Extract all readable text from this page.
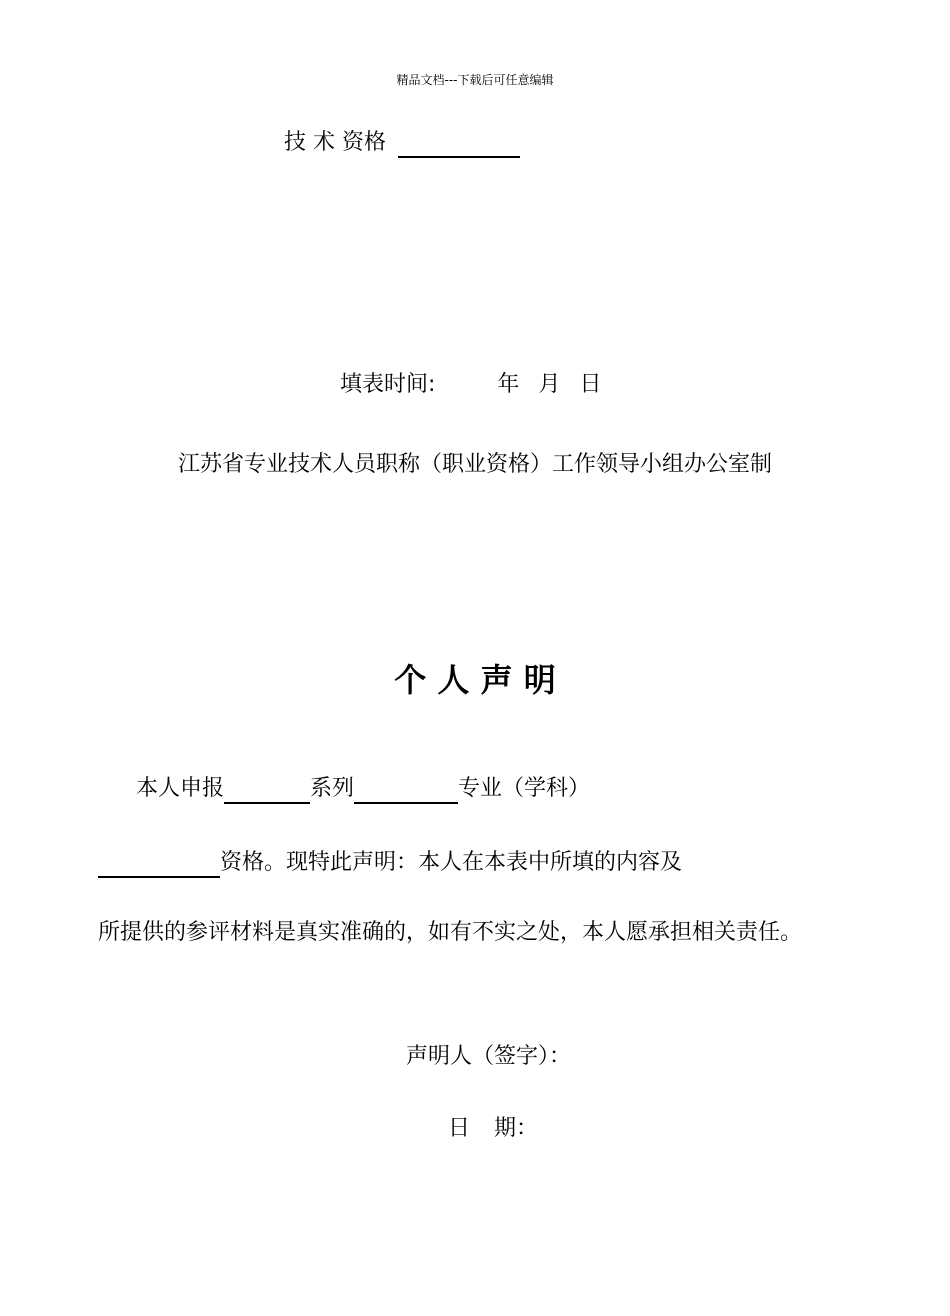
精品文档---下载后可任意编辑
技 术 资格
填表时间:	年 月 日
江苏省专业技术人员职称（职业资格）工作领导小组办公室制
个 人 声 明
本人申报	系列	专业（学科）
资格。现特此声明：本人在本表中所填的内容及
所提供的参评材料是真实准确的，如有不实之处，本人愿承担相关责任。
声明人（签字）：
日 期：
